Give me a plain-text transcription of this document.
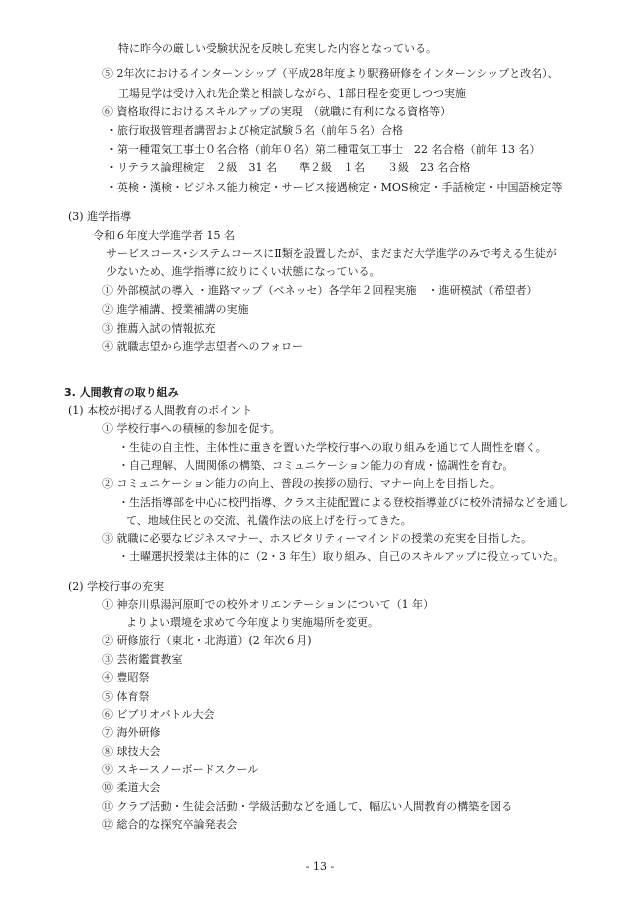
特に昨今の厳しい受験状況を反映し充実した内容となっている。
⑤ 2年次におけるインターンシップ（平成28年度より駅務研修をインターンシップと改名）、
工場見学は受け入れ先企業と相談しながら、1部日程を変更しつつ実施
⑥ 資格取得におけるスキルアップの実現　（就職に有利になる資格等）
・旅行取扱管理者講習および検定試験５名（前年５名）合格
・第一種電気工事士０名合格（前年０名）第二種電気工事士　22 名合格（前年 13 名）
・リテラス論理検定　２級　31 名　　準２級　１名　　３級　23 名合格
・英検・漢検・ビジネス能力検定・サービス接遇検定・MOS検定・手話検定・中国語検定等
(3) 進学指導
令和６年度大学進学者 15 名
サービスコース･システムコースにⅡ類を設置したが、まだまだ大学進学のみで考える生徒が
少ないため、進学指導に絞りにくい状態になっている。
① 外部模試の導入 ・進路マップ（ベネッセ）各学年２回程実施　・進研模試（希望者）
② 進学補講、授業補講の実施
③ 推薦入試の情報拡充
④ 就職志望から進学志望者へのフォロー
3. 人間教育の取り組み
(1) 本校が掲げる人間教育のポイント
① 学校行事への積極的参加を促す。
・生徒の自主性、主体性に重きを置いた学校行事への取り組みを通じて人間性を磨く。
・自己理解、人間関係の構築、コミュニケーション能力の育成・協調性を育む。
② コミュニケーション能力の向上、普段の挨拶の励行、マナー向上を目指した。
・生活指導部を中心に校門指導、クラス主徒配置による登校指導並びに校外清掃などを通し
て、地域住民との交流、礼儀作法の底上げを行ってきた。
③ 就職に必要なビジネスマナー、ホスピタリティーマインドの授業の充実を目指した。
・土曜選択授業は主体的に（2・3 年生）取り組み、自己のスキルアップに役立っていた。
(2) 学校行事の充実
① 神奈川県湯河原町での校外オリエンテーションについて（1 年）
よりよい環境を求めて今年度より実施場所を変更。
② 研修旅行（東北・北海道）(2 年次６月)
③ 芸術鑑賞教室
④ 豊昭祭
⑤ 体育祭
⑥ ビブリオバトル大会
⑦ 海外研修
⑧ 球技大会
⑨ スキースノーボードスクール
⑩ 柔道大会
⑪ クラブ活動・生徒会活動・学級活動などを通して、幅広い人間教育の構築を図る
⑫ 総合的な探究卒論発表会
- 13 -
